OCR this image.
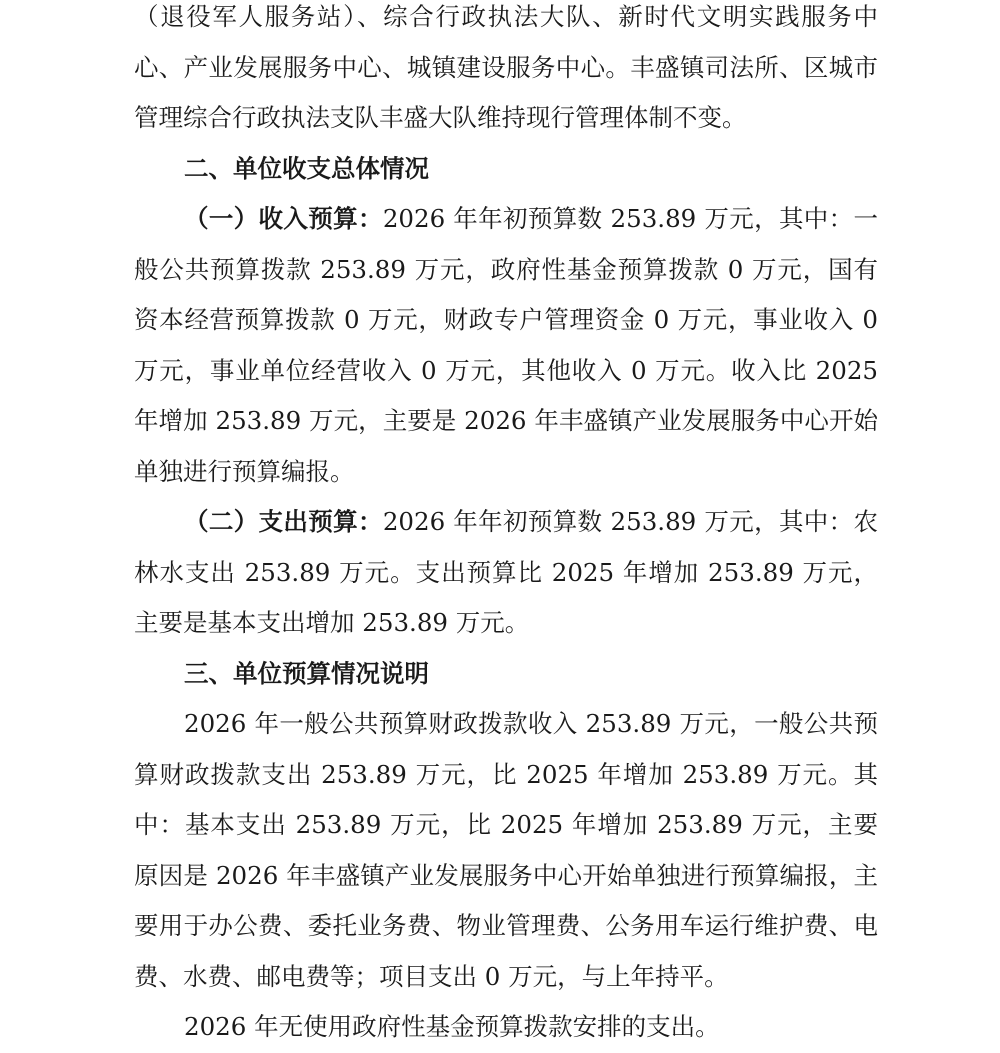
（退役军人服务站）、综合行政执法大队、新时代文明实践服务中心、产业发展服务中心、城镇建设服务中心。丰盛镇司法所、区城市管理综合行政执法支队丰盛大队维持现行管理体制不变。

二、单位收支总体情况

（一）收入预算：2026 年年初预算数 253.89 万元，其中：一般公共预算拨款 253.89 万元，政府性基金预算拨款 0 万元，国有资本经营预算拨款 0 万元，财政专户管理资金 0 万元，事业收入 0 万元，事业单位经营收入 0 万元，其他收入 0 万元。收入比 2025 年增加 253.89 万元，主要是 2026 年丰盛镇产业发展服务中心开始单独进行预算编报。

（二）支出预算：2026 年年初预算数 253.89 万元，其中：农林水支出 253.89 万元。支出预算比 2025 年增加 253.89 万元，主要是基本支出增加 253.89 万元。

三、单位预算情况说明

2026 年一般公共预算财政拨款收入 253.89 万元，一般公共预算财政拨款支出 253.89 万元，比 2025 年增加 253.89 万元。其中：基本支出 253.89 万元，比 2025 年增加 253.89 万元，主要原因是 2026 年丰盛镇产业发展服务中心开始单独进行预算编报，主要用于办公费、委托业务费、物业管理费、公务用车运行维护费、电费、水费、邮电费等；项目支出 0 万元，与上年持平。

2026 年无使用政府性基金预算拨款安排的支出。
